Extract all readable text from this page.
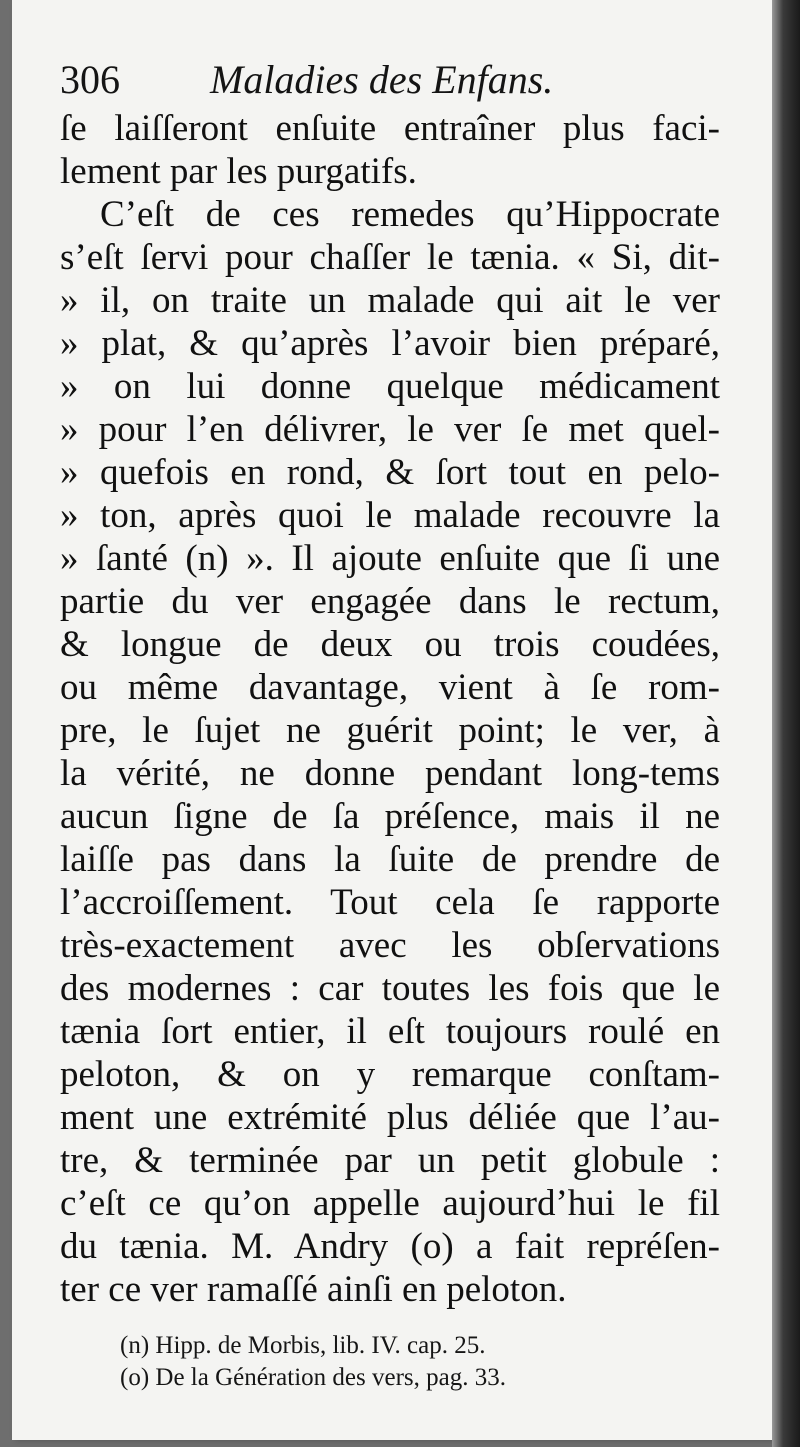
306 Maladies des Enfans.
ſe laiſſeront enſuite entraîner plus faci-
lement par les purgatifs.
C’eſt de ces remedes qu’Hippocrate
s’eſt ſervi pour chaſſer le tænia. « Si, dit-
» il, on traite un malade qui ait le ver
» plat, & qu’après l’avoir bien préparé,
» on lui donne quelque médicament
» pour l’en délivrer, le ver ſe met quel-
» quefois en rond, & ſort tout en pelo-
» ton, après quoi le malade recouvre la
» ſanté (n) ». Il ajoute enſuite que ſi une
partie du ver engagée dans le rectum,
& longue de deux ou trois coudées,
ou même davantage, vient à ſe rom-
pre, le ſujet ne guérit point; le ver, à
la vérité, ne donne pendant long-tems
aucun ſigne de ſa préſence, mais il ne
laiſſe pas dans la ſuite de prendre de
l’accroiſſement. Tout cela ſe rapporte
très-exactement avec les obſervations
des modernes : car toutes les fois que le
tænia ſort entier, il eſt toujours roulé en
peloton, & on y remarque conſtam-
ment une extrémité plus déliée que l’au-
tre, & terminée par un petit globule :
c’eſt ce qu’on appelle aujourd’hui le fil
du tænia. M. Andry (o) a fait repréſen-
ter ce ver ramaſſé ainſi en peloton.
(n) Hipp. de Morbis, lib. IV. cap. 25.
(o) De la Génération des vers, pag. 33.
